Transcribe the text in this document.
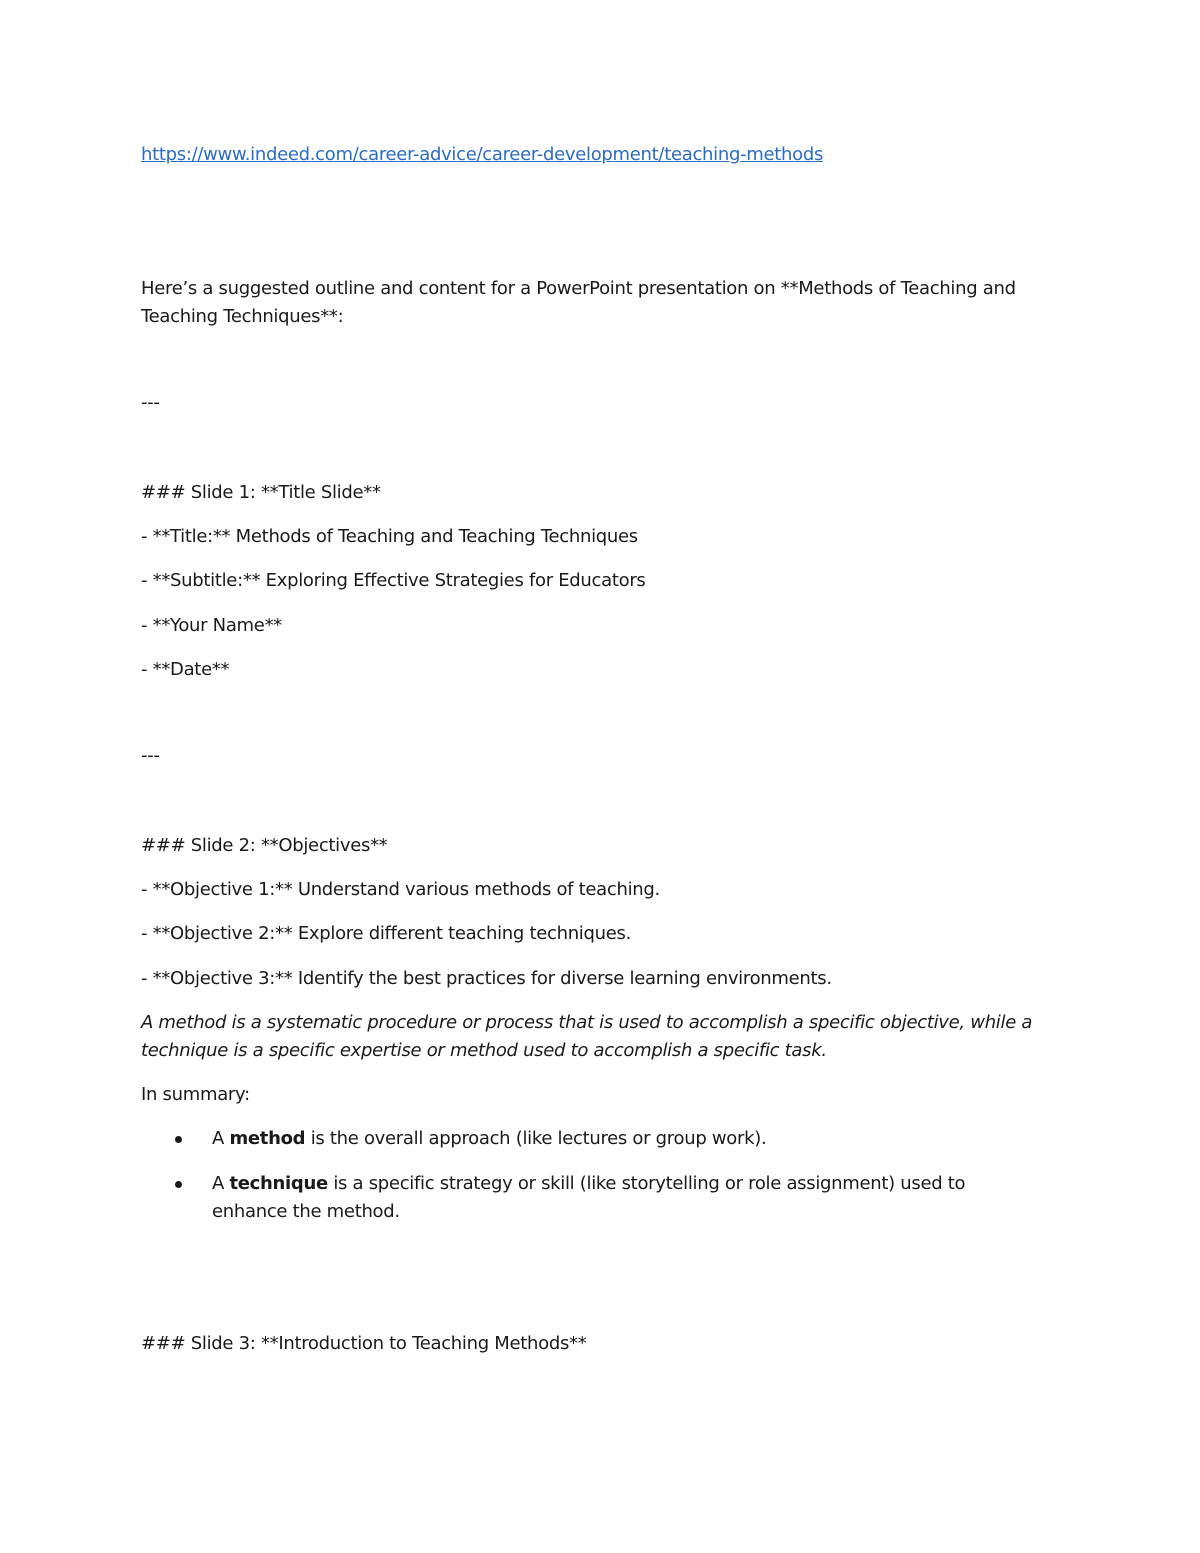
https://www.indeed.com/career-advice/career-development/teaching-methods
Here’s a suggested outline and content for a PowerPoint presentation on **Methods of Teaching and
Teaching Techniques**:
---
### Slide 1: **Title Slide**
- **Title:** Methods of Teaching and Teaching Techniques
- **Subtitle:** Exploring Effective Strategies for Educators
- **Your Name**
- **Date**
---
### Slide 2: **Objectives**
- **Objective 1:** Understand various methods of teaching.
- **Objective 2:** Explore different teaching techniques.
- **Objective 3:** Identify the best practices for diverse learning environments.
A method is a systematic procedure or process that is used to accomplish a specific objective, while a
technique is a specific expertise or method used to accomplish a specific task.
In summary:
A method is the overall approach (like lectures or group work).
A technique is a specific strategy or skill (like storytelling or role assignment) used to enhance the method.
### Slide 3: **Introduction to Teaching Methods**
